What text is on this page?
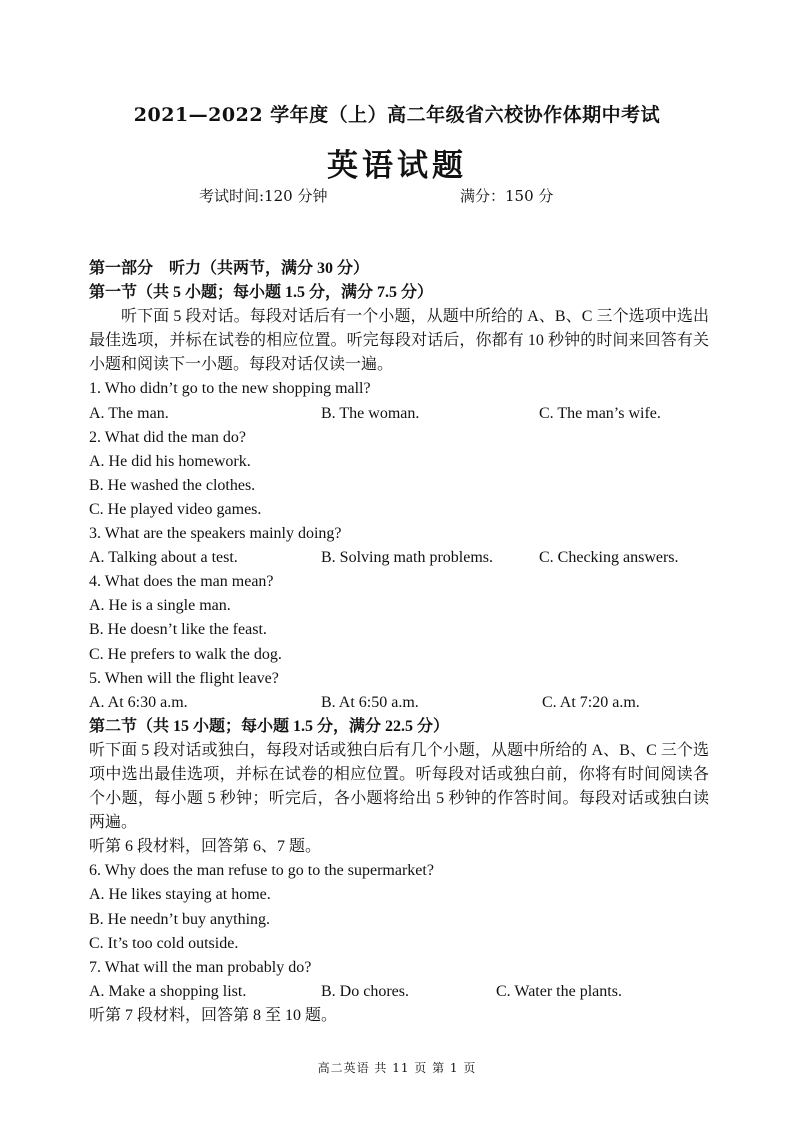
2021—2022 学年度（上）高二年级省六校协作体期中考试
英语试题
考试时间:120 分钟	满分：150 分
第一部分　听力（共两节，满分 30 分）
第一节（共 5 小题；每小题 1.5 分，满分 7.5 分）
听下面 5 段对话。每段对话后有一个小题，从题中所给的 A、B、C 三个选项中选出最佳选项，并标在试卷的相应位置。听完每段对话后，你都有 10 秒钟的时间来回答有关小题和阅读下一小题。每段对话仅读一遍。
1. Who didn’t go to the new shopping mall?
A. The man.	B. The woman.	C. The man’s wife.
2. What did the man do?
A. He did his homework.
B. He washed the clothes.
C. He played video games.
3. What are the speakers mainly doing?
A. Talking about a test.	B. Solving math problems.	C. Checking answers.
4. What does the man mean?
A. He is a single man.
B. He doesn’t like the feast.
C. He prefers to walk the dog.
5. When will the flight leave?
A. At 6:30 a.m.	B. At 6:50 a.m.	C. At 7:20 a.m.
第二节（共 15 小题；每小题 1.5 分，满分 22.5 分）
听下面 5 段对话或独白，每段对话或独白后有几个小题，从题中所给的 A、B、C 三个选项中选出最佳选项，并标在试卷的相应位置。听每段对话或独白前，你将有时间阅读各个小题，每小题 5 秒钟；听完后，各小题将给出 5 秒钟的作答时间。每段对话或独白读两遍。
听第 6 段材料，回答第 6、7 题。
6. Why does the man refuse to go to the supermarket?
A. He likes staying at home.
B. He needn’t buy anything.
C. It’s too cold outside.
7. What will the man probably do?
A. Make a shopping list.	B. Do chores.	C. Water the plants.
听第 7 段材料，回答第 8 至 10 题。
高二英语 共 11 页 第 1 页
